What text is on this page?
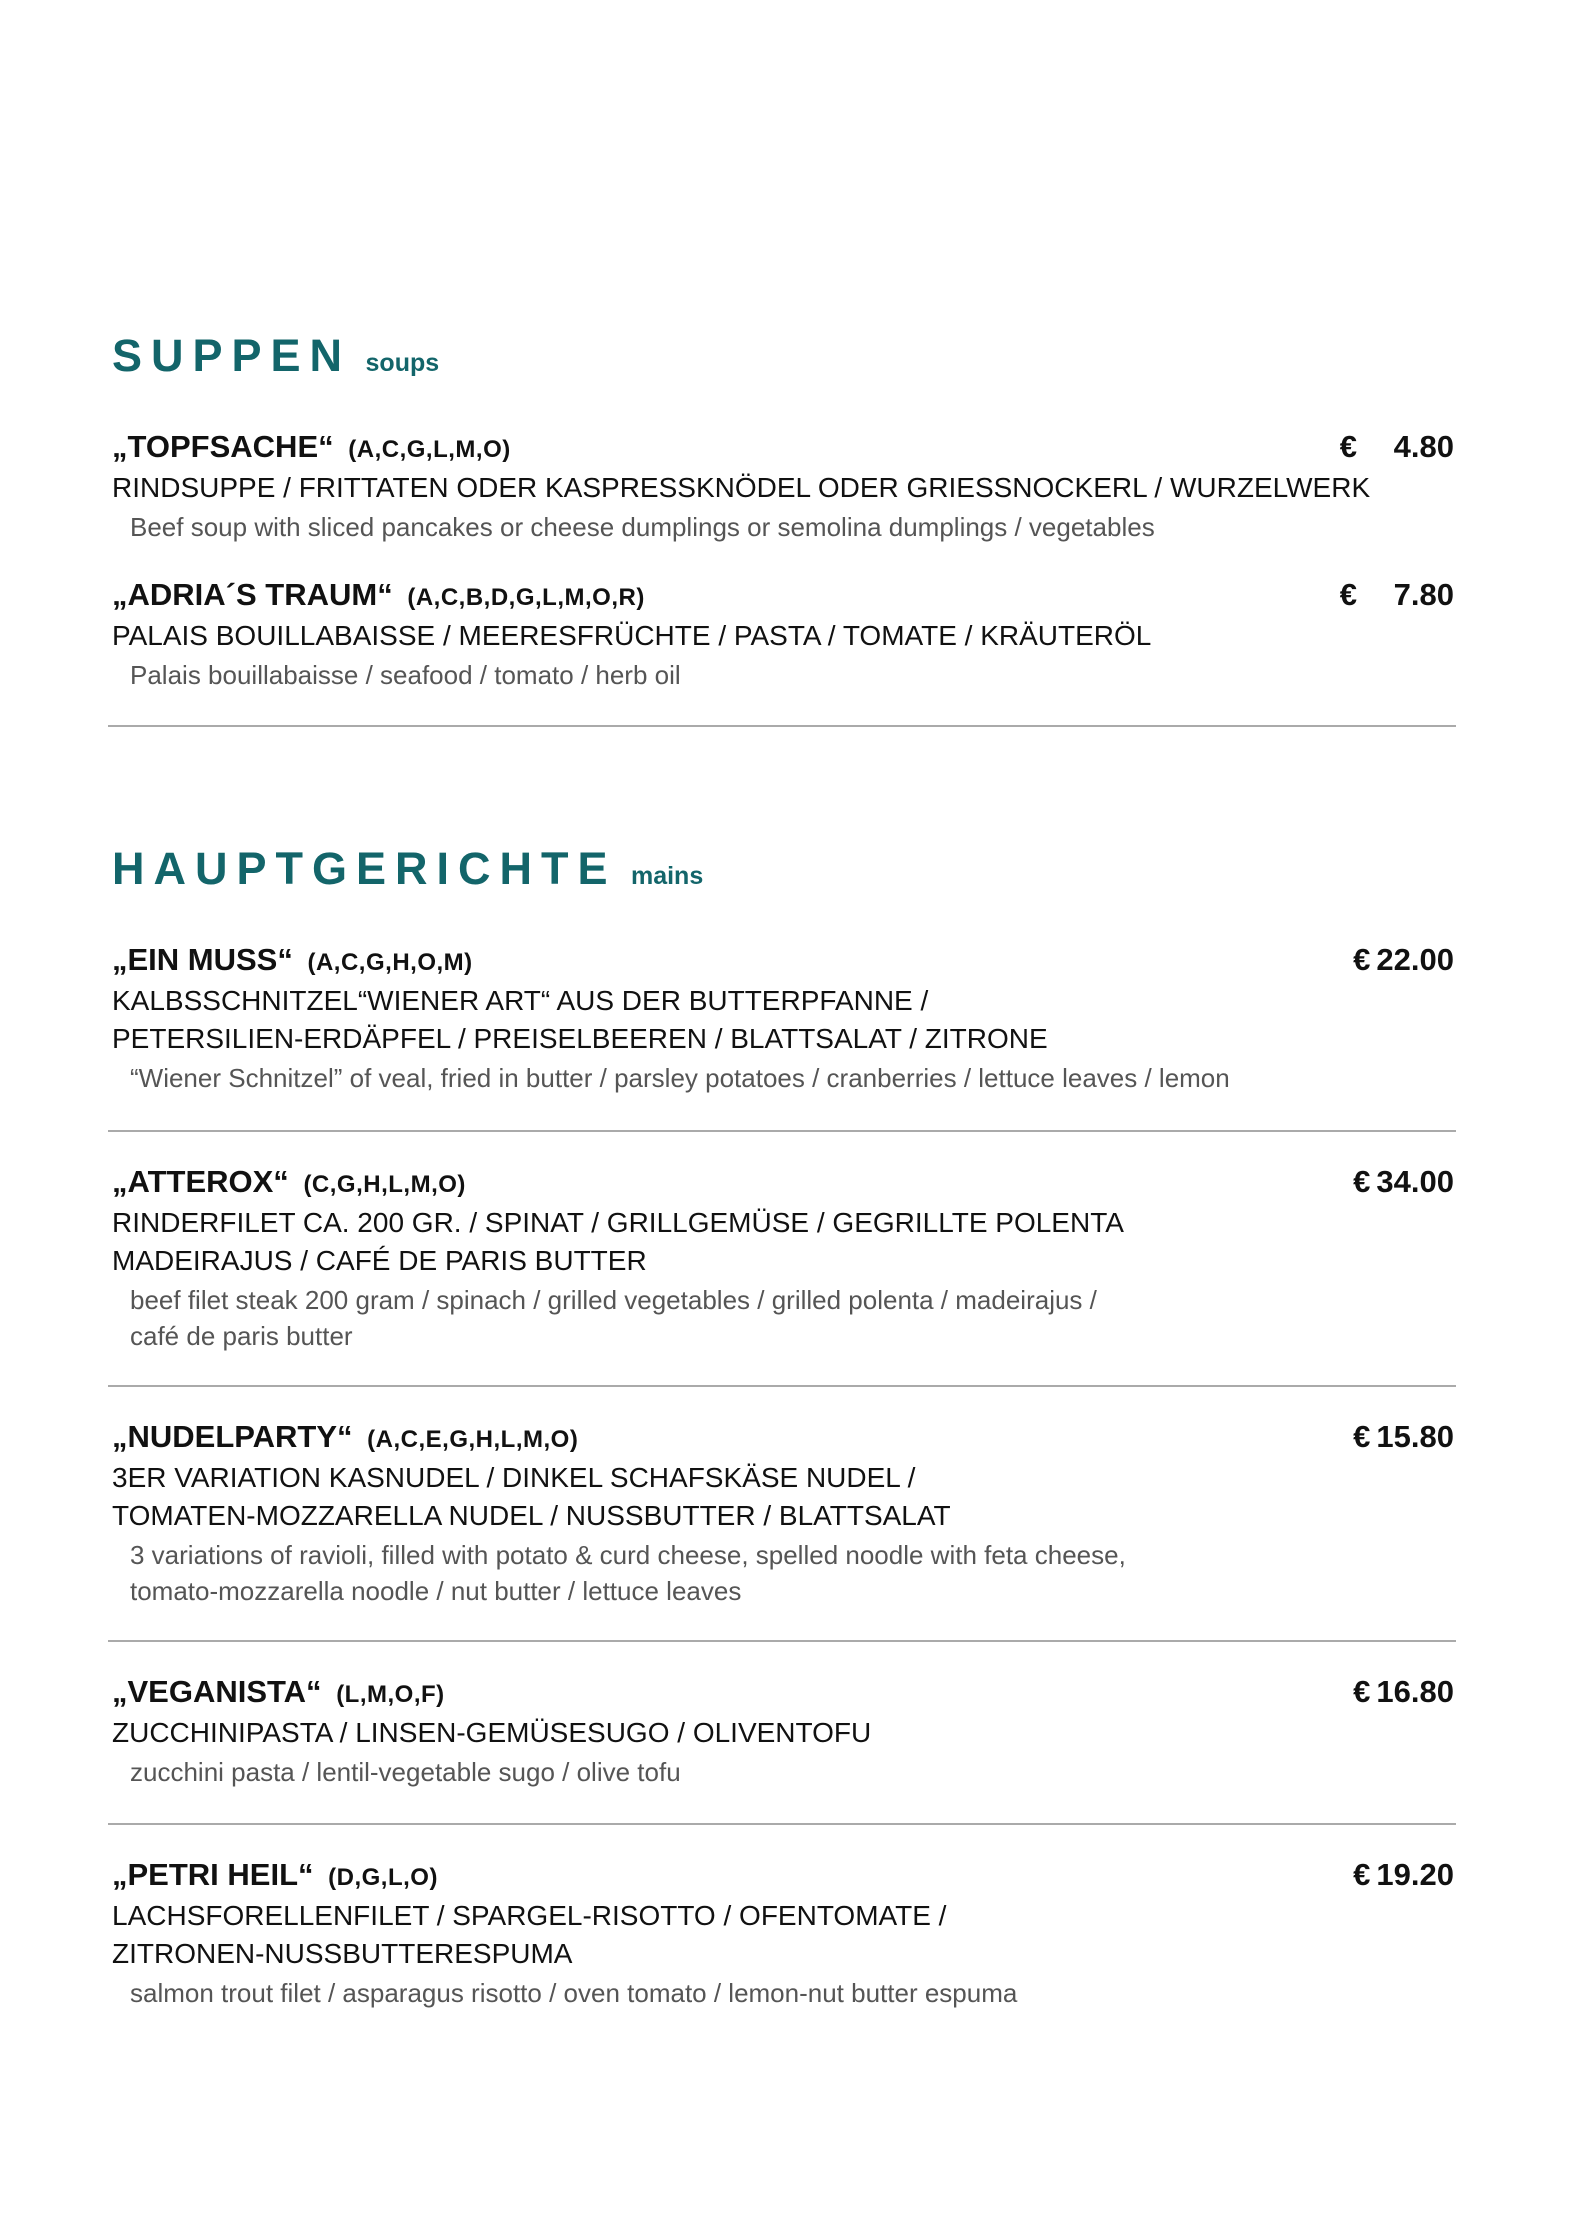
SUPPEN soups
„TOPFSACHE“ (A,C,G,L,M,O)	€ 4.80
RINDSUPPE / FRITTATEN ODER KASPRESSKNÖDEL ODER GRIESSNOCKERL / WURZELWERK
Beef soup with sliced pancakes or cheese dumplings or semolina dumplings / vegetables
„ADRIA´S TRAUM“ (A,C,B,D,G,L,M,O,R)	€ 7.80
PALAIS BOUILLABAISSE / MEERESFRÜCHTE / PASTA / TOMATE / KRÄUTERÖL
Palais bouillabaisse / seafood / tomato / herb oil
HAUPTGERICHTE mains
„EIN MUSS“ (A,C,G,H,O,M)	€ 22.00
KALBSSCHNITZEL“WIENER ART“ AUS DER BUTTERPFANNE /
PETERSILIEN-ERDÄPFEL / PREISELBEEREN / BLATTSALAT / ZITRONE
“Wiener Schnitzel” of veal, fried in butter / parsley potatoes / cranberries / lettuce leaves / lemon
„ATTEROX“ (C,G,H,L,M,O)	€ 34.00
RINDERFILET CA. 200 GR. / SPINAT / GRILLGEMÜSE / GEGRILLTE POLENTA
MADEIRAJUS / CAFÉ DE PARIS BUTTER
beef filet steak 200 gram / spinach / grilled vegetables / grilled polenta / madeirajus /
café de paris butter
„NUDELPARTY“ (A,C,E,G,H,L,M,O)	€ 15.80
3ER VARIATION KASNUDEL / DINKEL SCHAFSKÄSE NUDEL /
TOMATEN-MOZZARELLA NUDEL / NUSSBUTTER / BLATTSALAT
3 variations of ravioli, filled with potato & curd cheese, spelled noodle with feta cheese,
tomato-mozzarella noodle / nut butter / lettuce leaves
„VEGANISTA“ (L,M,O,F)	€ 16.80
ZUCCHINIPASTA / LINSEN-GEMÜSESUGO / OLIVENTOFU
zucchini pasta / lentil-vegetable sugo / olive tofu
„PETRI HEIL“ (D,G,L,O)	€ 19.20
LACHSFORELLENFILET / SPARGEL-RISOTTO / OFENTOMATE /
ZITRONEN-NUSSBUTTERESPUMA
salmon trout filet / asparagus risotto / oven tomato / lemon-nut butter espuma
